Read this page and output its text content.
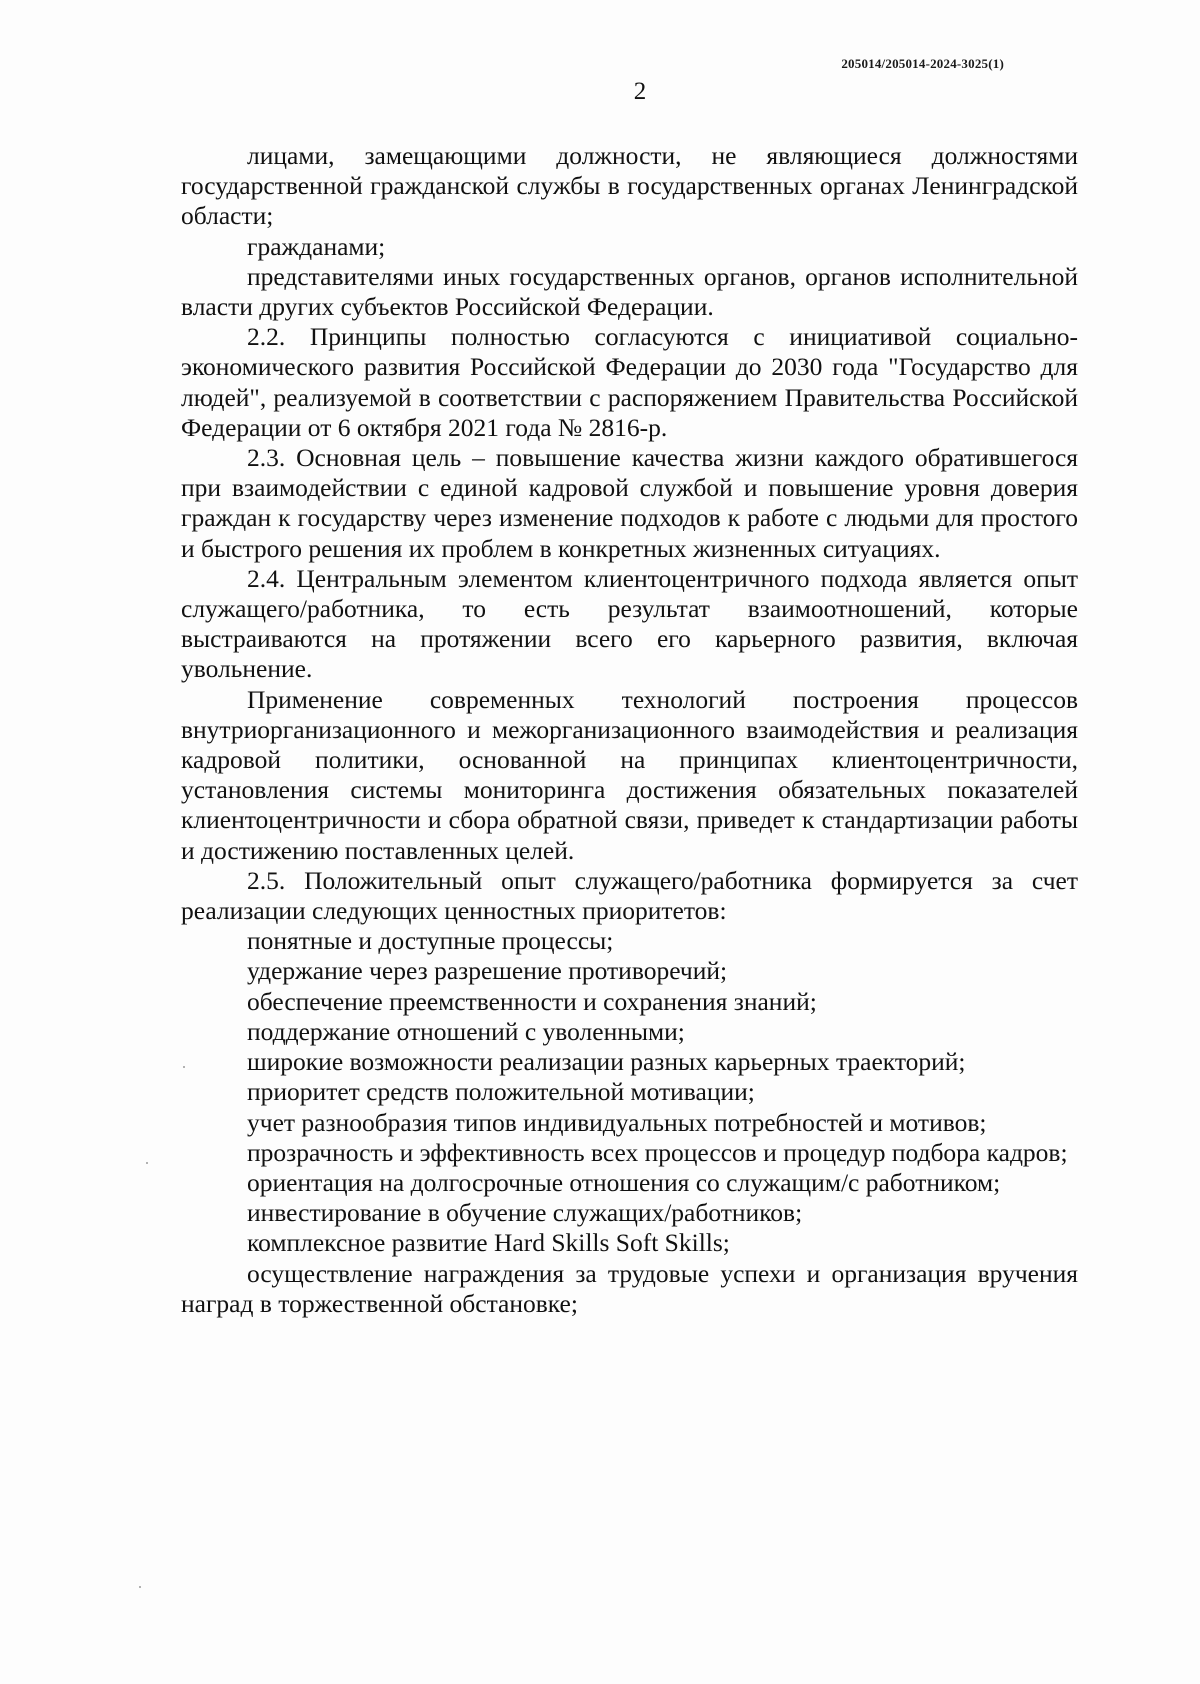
205014/205014-2024-3025(1)
2

лицами, замещающими должности, не являющиеся должностями государственной гражданской службы в государственных органах Ленинградской области;

гражданами;

представителями иных государственных органов, органов исполнительной власти других субъектов Российской Федерации.

2.2. Принципы полностью согласуются с инициативой социально-экономического развития Российской Федерации до 2030 года "Государство для людей", реализуемой в соответствии с распоряжением Правительства Российской Федерации от 6 октября 2021 года № 2816-р.

2.3. Основная цель – повышение качества жизни каждого обратившегося при взаимодействии с единой кадровой службой и повышение уровня доверия граждан к государству через изменение подходов к работе с людьми для простого и быстрого решения их проблем в конкретных жизненных ситуациях.

2.4. Центральным элементом клиентоцентричного подхода является опыт служащего/работника, то есть результат взаимоотношений, которые выстраиваются на протяжении всего его карьерного развития, включая увольнение.

Применение современных технологий построения процессов внутриорганизационного и межорганизационного взаимодействия и реализация кадровой политики, основанной на принципах клиентоцентричности, установления системы мониторинга достижения обязательных показателей клиентоцентричности и сбора обратной связи, приведет к стандартизации работы и достижению поставленных целей.

2.5. Положительный опыт служащего/работника формируется за счет реализации следующих ценностных приоритетов:

понятные и доступные процессы;

удержание через разрешение противоречий;

обеспечение преемственности и сохранения знаний;

поддержание отношений с уволенными;

широкие возможности реализации разных карьерных траекторий;

приоритет средств положительной мотивации;

учет разнообразия типов индивидуальных потребностей и мотивов;

прозрачность и эффективность всех процессов и процедур подбора кадров;

ориентация на долгосрочные отношения со служащим/с работником;

инвестирование в обучение служащих/работников;

комплексное развитие Hard Skills Soft Skills;

осуществление награждения за трудовые успехи и организация вручения наград в торжественной обстановке;
